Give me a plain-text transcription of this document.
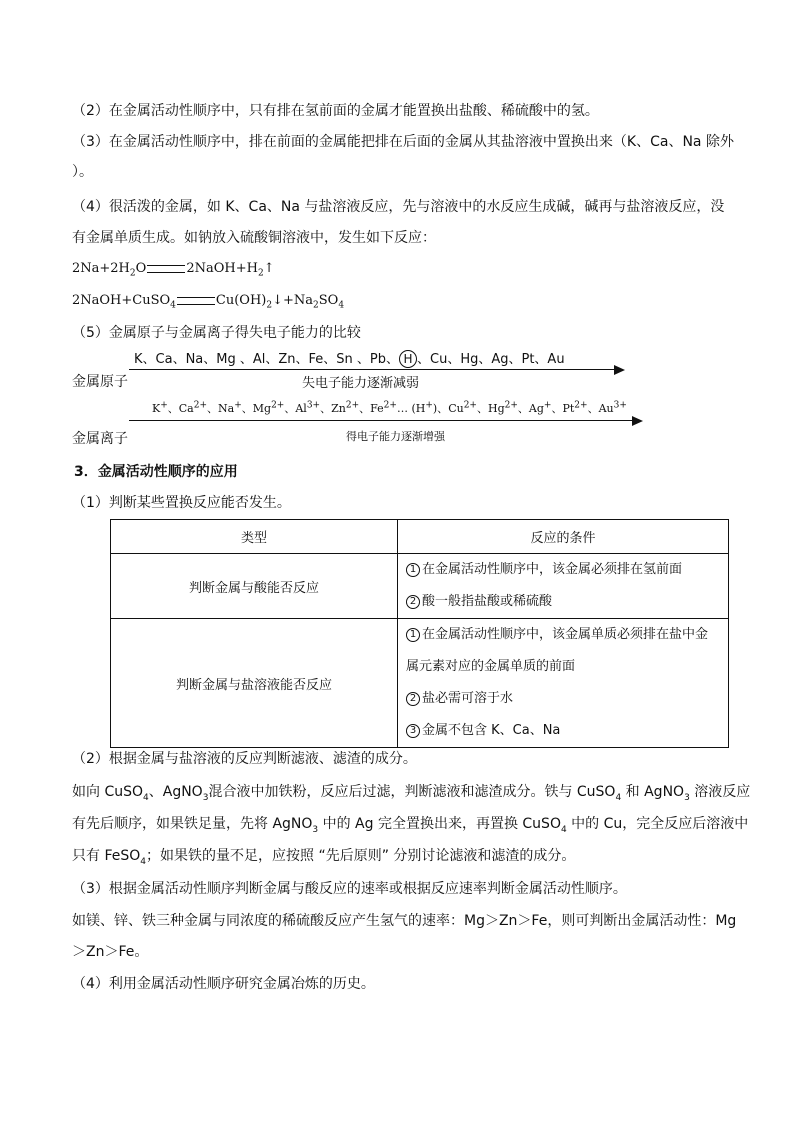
（2）在金属活动性顺序中，只有排在氢前面的金属才能置换出盐酸、稀硫酸中的氢。
（3）在金属活动性顺序中，排在前面的金属能把排在后面的金属从其盐溶液中置换出来（K、Ca、Na 除外
）。
（4）很活泼的金属，如 K、Ca、Na 与盐溶液反应，先与溶液中的水反应生成碱，碱再与盐溶液反应，没
有金属单质生成。如钠放入硫酸铜溶液中，发生如下反应：
$2Na+2H_2O$	$2NaOH+H_2↑$
2NaOH+CuSO$_4$	$Cu(OH)_2↓+Na_2SO_4$
（5）金属原子与金属离子得失电子能力的比较
K、Ca、Na、Mg 、Al、Zn、Fe、Sn 、Pb、 H 、Cu、Hg、Ag、Pt、Au
失电子能力逐渐减弱
金属原子
K+、$Ca^{2+}$、Na+、$Mg^{2+}$、$Al^{3+}$、$Zn^{2+}$、$Fe^{2+}\dots$ (H+)、$Cu^{2+}$、$Hg^{2+}$、Ag+、$Pt^{2+}$、$Au^{3+}$
得电子能力逐渐增强
金属离子
3．金属活动性顺序的应用
（1）判断某些置换反应能否发生。
类型	反应的条件
判断金属与酸能否反应	1 在金属活动性顺序中，该金属必须排在氢前面
2 酸一般指盐酸或稀硫酸

判断金属与盐溶液能否反应	1 在金属活动性顺序中，该金属单质必须排在盐中金
属元素对应的金属单质的前面
2 盐必需可溶于水
3 金属不包含 K、Ca、Na
（2）根据金属与盐溶液的反应判断滤液、滤渣的成分。
如向 CuSO$_4$、AgNO$_3$混合液中加铁粉，反应后过滤，判断滤液和滤渣成分。铁与 CuSO$_4$ 和 AgNO$_3$ 溶液反应
有先后顺序，如果铁足量，先将 AgNO$_3$ 中的 Ag 完全置换出来，再置换 CuSO$_4$ 中的 Cu，完全反应后溶液中
只有 FeSO$_4$；如果铁的量不足，应按照 “先后原则” 分别讨论滤液和滤渣的成分。
（3）根据金属活动性顺序判断金属与酸反应的速率或根据反应速率判断金属活动性顺序。
如镁、锌、铁三种金属与同浓度的稀硫酸反应产生氢气的速率：Mg＞Zn＞Fe，则可判断出金属活动性：Mg
＞Zn＞Fe。
（4）利用金属活动性顺序研究金属冶炼的历史。
